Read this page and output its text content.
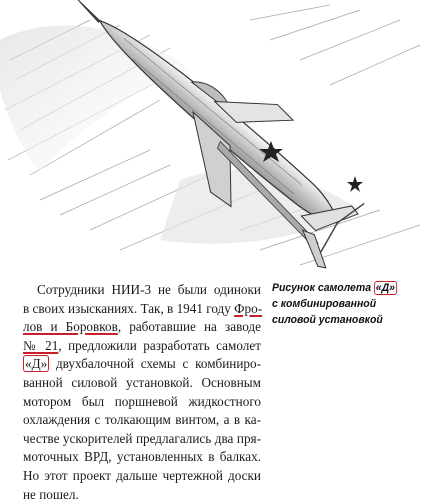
Сотрудники НИИ-3 не были одиноки
в своих изысканиях. Так, в 1941 году Фро-
лов и Боровков, работавшие на заводе
№ 21, предложили разработать самолет
«Д» двухбалочной схемы с комбиниро-
ванной силовой установкой. Основным
мотором был поршневой жидкостного
охлаждения с толкающим винтом, а в ка-
честве ускорителей предлагались два пря-
моточных ВРД, установленных в балках.
Но этот проект дальше чертежной доски
не пошел.
Рисунок самолета «Д»
с комбинированной
силовой установкой
